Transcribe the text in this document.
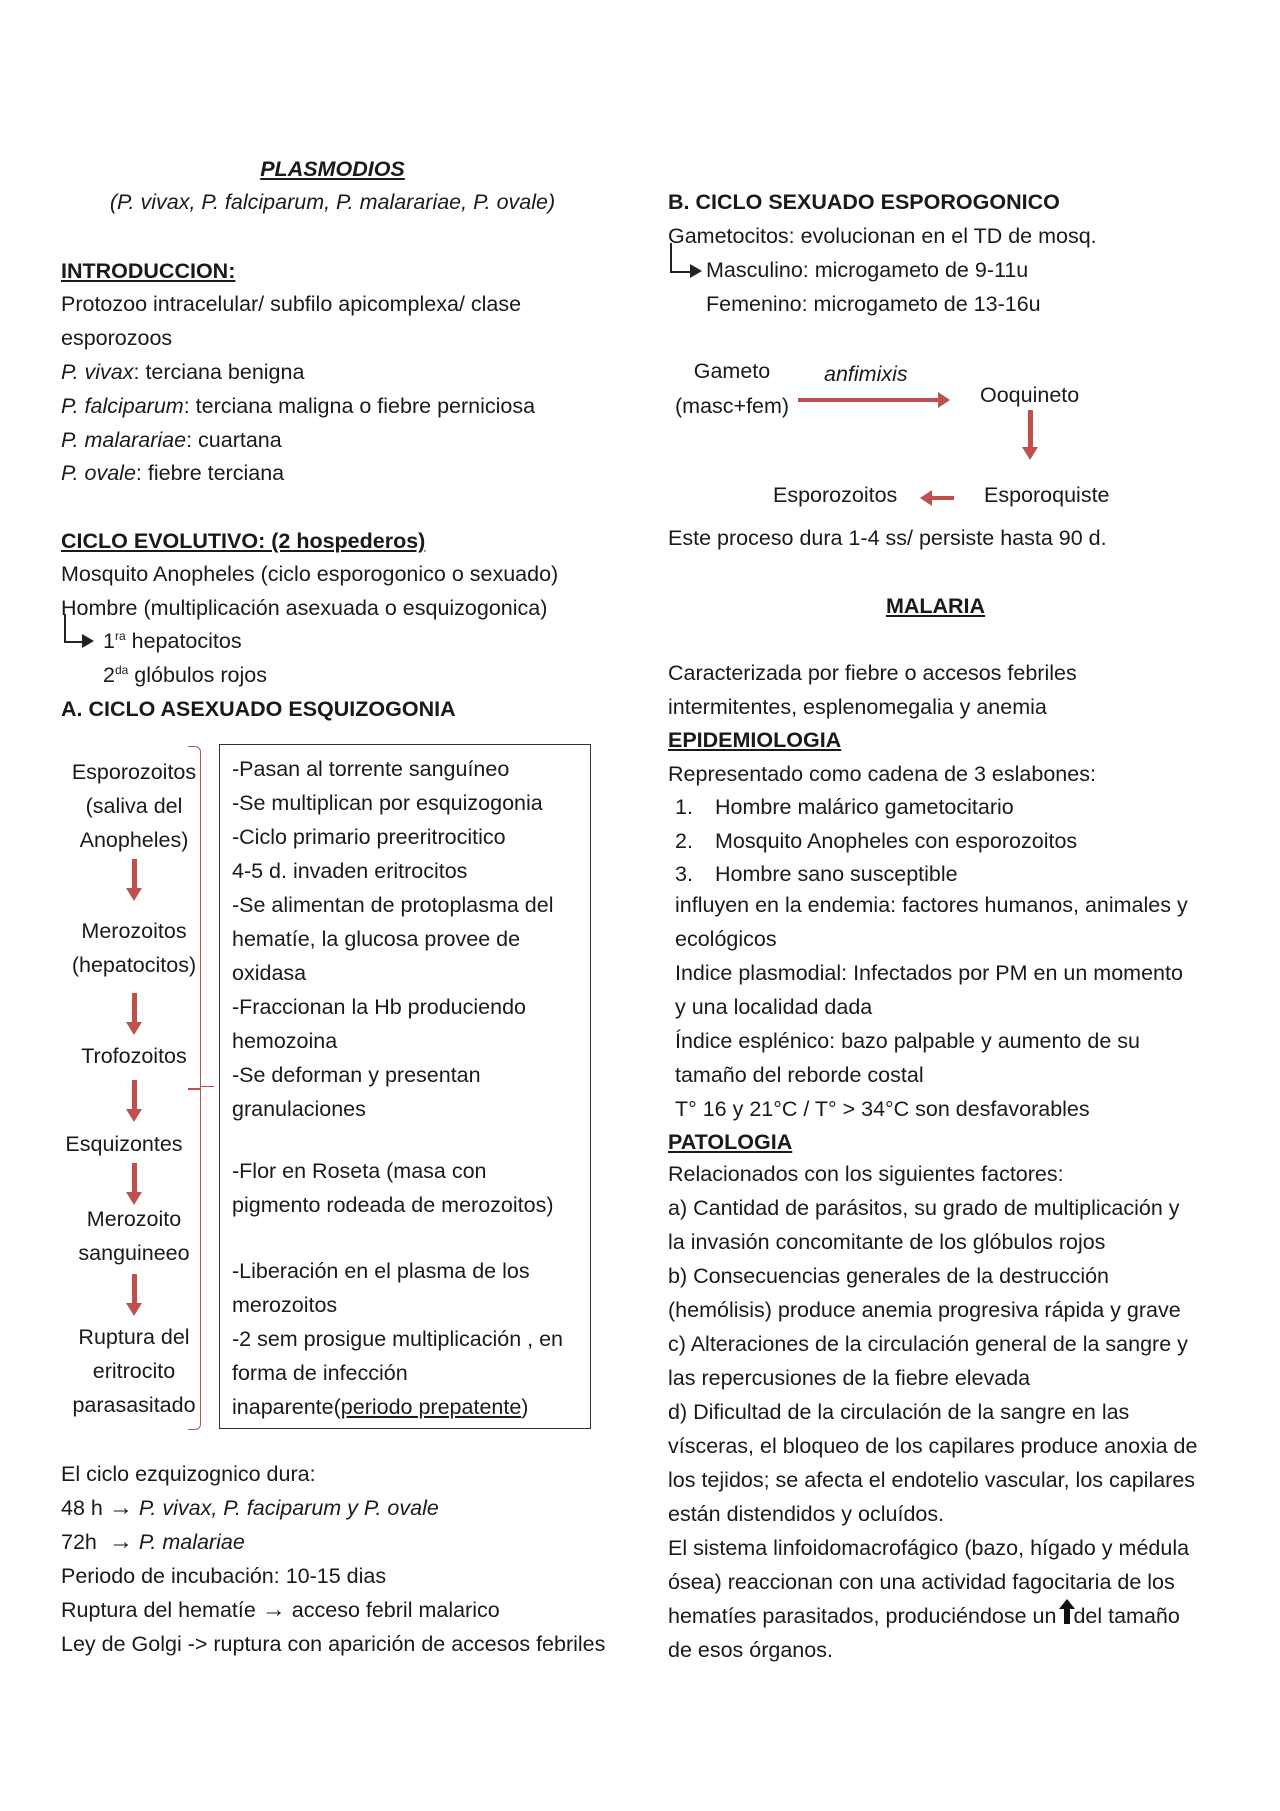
PLASMODIOS
(P. vivax, P. falciparum, P. malarariae, P. ovale)
INTRODUCCION:
Protozoo intracelular/ subfilo apicomplexa/ clase
esporozoos
P. vivax: terciana benigna
P. falciparum: terciana maligna o fiebre perniciosa
P. malarariae: cuartana
P. ovale: fiebre terciana
CICLO EVOLUTIVO: (2 hospederos)
Mosquito Anopheles (ciclo esporogonico o sexuado)
Hombre (multiplicación asexuada o esquizogonica)
$1^{ra}$ hepatocitos
$2^{da}$ glóbulos rojos
A. CICLO ASEXUADO ESQUIZOGONIA
Esporozoitos
(saliva del
Anopheles)
Merozoitos
(hepatocitos)
Trofozoitos
Esquizontes
Merozoito
sanguineeo
Ruptura del
eritrocito
parasasitado
-Pasan al torrente sanguíneo
-Se multiplican por esquizogonia
-Ciclo primario preeritrocitico
4-5 d. invaden eritrocitos
-Se alimentan de protoplasma del
hematíe, la glucosa provee de
oxidasa
-Fraccionan la Hb produciendo
hemozoina
-Se deforman y presentan
granulaciones
-Flor en Roseta (masa con
pigmento rodeada de merozoitos)
-Liberación en el plasma de los
merozoitos
-2 sem prosigue multiplicación , en
forma de infección
inaparente(periodo prepatente)
El ciclo ezquizognico dura:
48 h → P. vivax, P. faciparum y P. ovale
72h → P. malariae
Periodo de incubación: 10-15 dias
Ruptura del hematíe → acceso febril malarico
Ley de Golgi -> ruptura con aparición de accesos febriles
B. CICLO SEXUADO ESPOROGONICO
Gametocitos: evolucionan en el TD de mosq.
Masculino: microgameto de 9-11u
Femenino: microgameto de 13-16u
Gameto
(masc+fem)
anfimixis
Ooquineto
Esporoquiste
Esporozoitos
Este proceso dura 1-4 ss/ persiste hasta 90 d.
MALARIA
Caracterizada por fiebre o accesos febriles
intermitentes, esplenomegalia y anemia
EPIDEMIOLOGIA
Representado como cadena de 3 eslabones:
1. Hombre malárico gametocitario
2. Mosquito Anopheles con esporozoitos
3. Hombre sano susceptible
influyen en la endemia: factores humanos, animales y
ecológicos
Indice plasmodial: Infectados por PM en un momento
y una localidad dada
Índice esplénico: bazo palpable y aumento de su
tamaño del reborde costal
T° 16 y 21°C / T° > 34°C son desfavorables
PATOLOGIA
Relacionados con los siguientes factores:
a) Cantidad de parásitos, su grado de multiplicación y
la invasión concomitante de los glóbulos rojos
b) Consecuencias generales de la destrucción
(hemólisis) produce anemia progresiva rápida y grave
c) Alteraciones de la circulación general de la sangre y
las repercusiones de la fiebre elevada
d) Dificultad de la circulación de la sangre en las
vísceras, el bloqueo de los capilares produce anoxia de
los tejidos; se afecta el endotelio vascular, los capilares
están distendidos y ocluídos.
El sistema linfoidomacrofágico (bazo, hígado y médula
ósea) reaccionan con una actividad fagocitaria de los
hematíes parasitados, produciéndose un del tamaño
de esos órganos.
